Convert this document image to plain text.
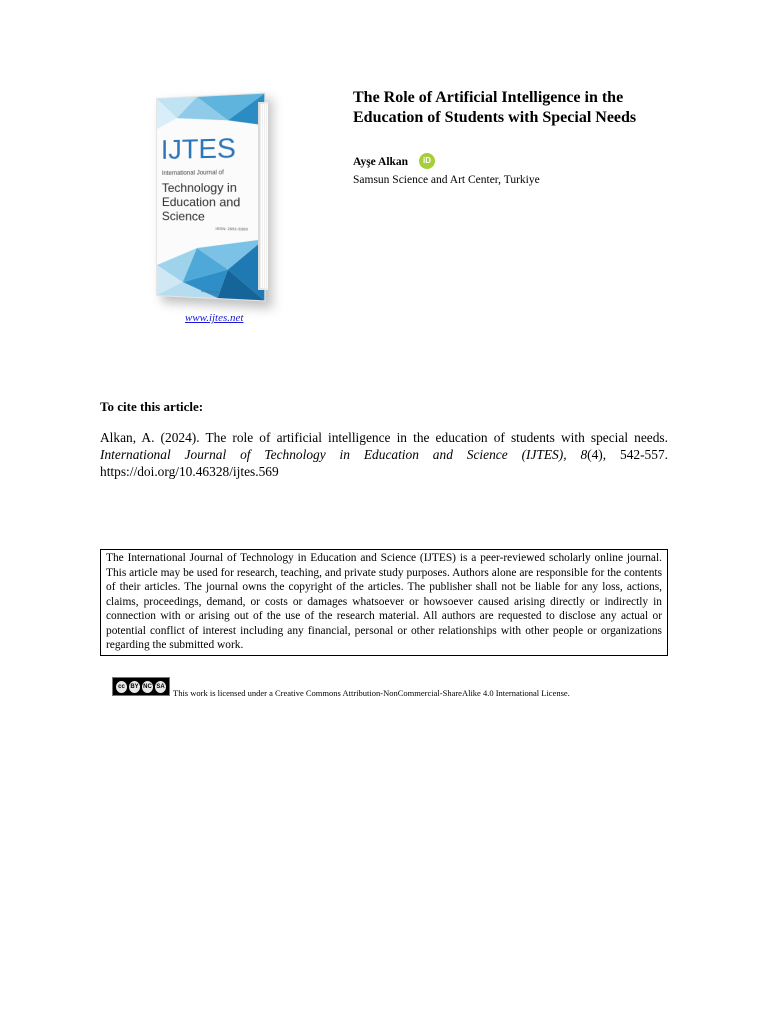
IJTES
International Journal of
Technology in Education and Science
ISSN: 2651-5369
www.ijtes.net
www.ijtes.net
The Role of Artificial Intelligence in the Education of Students with Special Needs
Ayşe Alkan	iD
Samsun Science and Art Center, Turkiye
To cite this article:
Alkan, A. (2024). The role of artificial intelligence in the education of students with special needs. International Journal of Technology in Education and Science (IJTES), 8(4), 542-557. https://doi.org/10.46328/ijtes.569
The International Journal of Technology in Education and Science (IJTES) is a peer-reviewed scholarly online journal. This article may be used for research, teaching, and private study purposes. Authors alone are responsible for the contents of their articles. The journal owns the copyright of the articles. The publisher shall not be liable for any loss, actions, claims, proceedings, demand, or costs or damages whatsoever or howsoever caused arising directly or indirectly in connection with or arising out of the use of the research material. All authors are requested to disclose any actual or potential conflict of interest including any financial, personal or other relationships with other people or organizations regarding the submitted work.
cc BY NC SA
This work is licensed under a Creative Commons Attribution-NonCommercial-ShareAlike 4.0 International License.
